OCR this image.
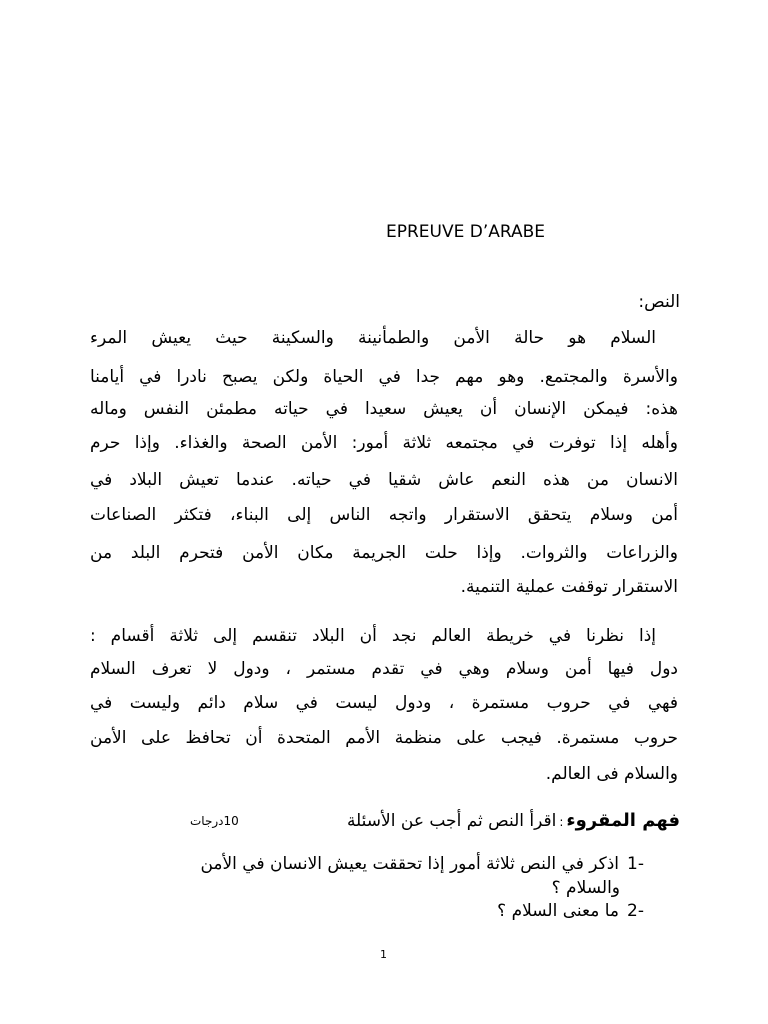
EPREUVE D’ARABE
النص:
السلام هو حالة الأمن والطمأنينة والسكينة حيث يعيش المرء
والأسرة والمجتمع. وهو مهم جدا في الحياة ولكن يصبح نادرا في أيامنا
هذه: فيمكن الإنسان أن يعيش سعيدا في حياته مطمئن النفس وماله
وأهله إذا توفرت في مجتمعه ثلاثة أمور: الأمن الصحة والغذاء. وإذا حرم
الانسان من هذه النعم عاش شقيا في حياته. عندما تعيش البلاد في
أمن وسلام يتحقق الاستقرار واتجه الناس إلى البناء، فتكثر الصناعات
والزراعات والثروات. وإذا حلت الجريمة مكان الأمن فتحرم البلد من
الاستقرار توقفت عملية التنمية.
إذا نظرنا في خريطة العالم نجد أن البلاد تنقسم إلى ثلاثة أقسام :
دول فيها أمن وسلام وهي في تقدم مستمر ، ودول لا تعرف السلام
فهي في حروب مستمرة ، ودول ليست في سلام دائم وليست في
حروب مستمرة. فيجب على منظمة الأمم المتحدة أن تحافظ على الأمن
والسلام فى العالم.
فهم المقروء:اقرأ النص ثم أجب عن الأسئلة
10درجات
-1اذكر في النص ثلاثة أمور إذا تحققت يعيش الانسان في الأمن
والسلام ؟
-2ما معنى السلام ؟
1
